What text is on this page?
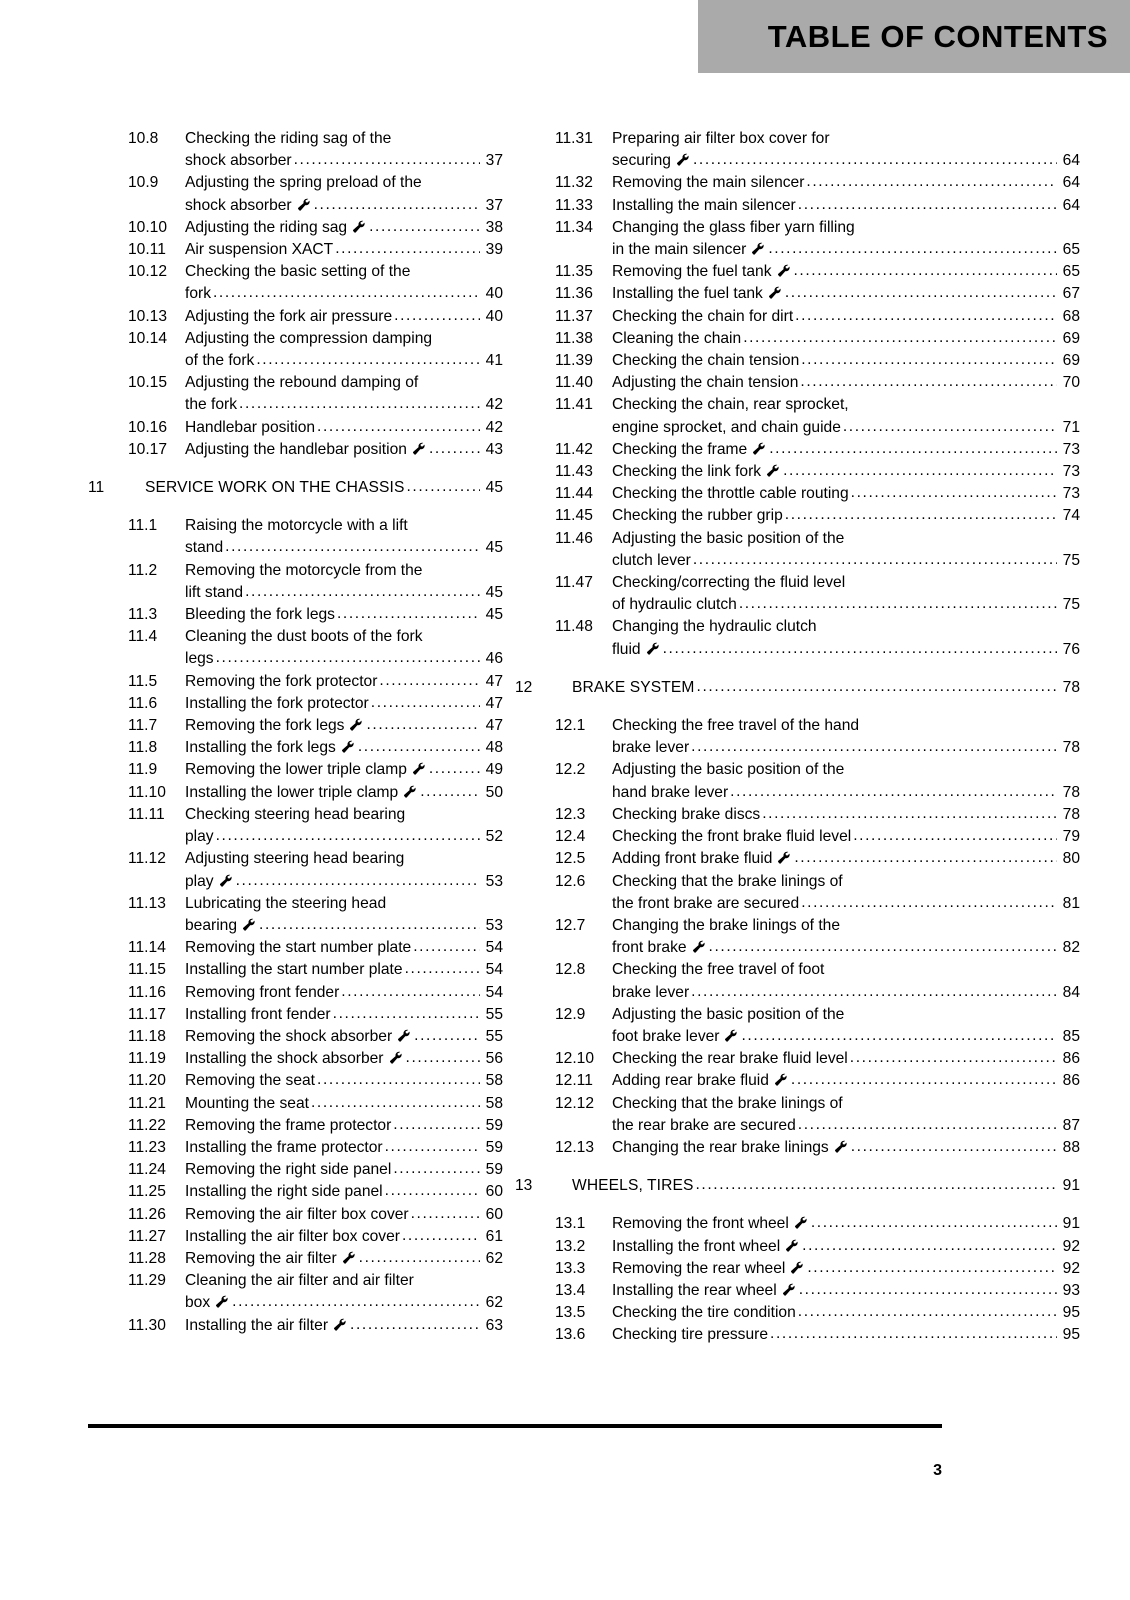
TABLE OF CONTENTS
10.8	Checking the riding sag of the
shock absorber .....	37
10.9	Adjusting the spring preload of the
shock absorber .....	37
10.10	Adjusting the riding sag .....	38
10.11	Air suspension XACT .....	39
10.12	Checking the basic setting of the
fork .....	40
10.13	Adjusting the fork air pressure .....	40
10.14	Adjusting the compression damping
of the fork .....	41
10.15	Adjusting the rebound damping of
the fork .....	42
10.16	Handlebar position .....	42
10.17	Adjusting the handlebar position .....	43
11	SERVICE WORK ON THE CHASSIS .....	45
11.1	Raising the motorcycle with a lift
stand .....	45
11.2	Removing the motorcycle from the
lift stand .....	45
11.3	Bleeding the fork legs .....	45
11.4	Cleaning the dust boots of the fork
legs .....	46
11.5	Removing the fork protector .....	47
11.6	Installing the fork protector .....	47
11.7	Removing the fork legs .....	47
11.8	Installing the fork legs .....	48
11.9	Removing the lower triple clamp .....	49
11.10	Installing the lower triple clamp .....	50
11.11	Checking steering head bearing
play .....	52
11.12	Adjusting steering head bearing
play .....	53
11.13	Lubricating the steering head
bearing .....	53
11.14	Removing the start number plate .....	54
11.15	Installing the start number plate .....	54
11.16	Removing front fender .....	54
11.17	Installing front fender .....	55
11.18	Removing the shock absorber .....	55
11.19	Installing the shock absorber .....	56
11.20	Removing the seat .....	58
11.21	Mounting the seat .....	58
11.22	Removing the frame protector .....	59
11.23	Installing the frame protector .....	59
11.24	Removing the right side panel .....	59
11.25	Installing the right side panel .....	60
11.26	Removing the air filter box cover .....	60
11.27	Installing the air filter box cover .....	61
11.28	Removing the air filter .....	62
11.29	Cleaning the air filter and air filter
box .....	62
11.30	Installing the air filter .....	63
11.31	Preparing air filter box cover for
securing .....	64
11.32	Removing the main silencer .....	64
11.33	Installing the main silencer .....	64
11.34	Changing the glass fiber yarn filling
in the main silencer .....	65
11.35	Removing the fuel tank .....	65
11.36	Installing the fuel tank .....	67
11.37	Checking the chain for dirt .....	68
11.38	Cleaning the chain .....	69
11.39	Checking the chain tension .....	69
11.40	Adjusting the chain tension .....	70
11.41	Checking the chain, rear sprocket,
engine sprocket, and chain guide .....	71
11.42	Checking the frame .....	73
11.43	Checking the link fork .....	73
11.44	Checking the throttle cable routing .....	73
11.45	Checking the rubber grip .....	74
11.46	Adjusting the basic position of the
clutch lever .....	75
11.47	Checking/correcting the fluid level
of hydraulic clutch .....	75
11.48	Changing the hydraulic clutch
fluid .....	76
12	BRAKE SYSTEM .....	78
12.1	Checking the free travel of the hand
brake lever .....	78
12.2	Adjusting the basic position of the
hand brake lever .....	78
12.3	Checking brake discs .....	78
12.4	Checking the front brake fluid level .....	79
12.5	Adding front brake fluid .....	80
12.6	Checking that the brake linings of
the front brake are secured .....	81
12.7	Changing the brake linings of the
front brake .....	82
12.8	Checking the free travel of foot
brake lever .....	84
12.9	Adjusting the basic position of the
foot brake lever .....	85
12.10	Checking the rear brake fluid level .....	86
12.11	Adding rear brake fluid .....	86
12.12	Checking that the brake linings of
the rear brake are secured .....	87
12.13	Changing the rear brake linings .....	88
13	WHEELS, TIRES .....	91
13.1	Removing the front wheel .....	91
13.2	Installing the front wheel .....	92
13.3	Removing the rear wheel .....	92
13.4	Installing the rear wheel .....	93
13.5	Checking the tire condition .....	95
13.6	Checking tire pressure .....	95
3
